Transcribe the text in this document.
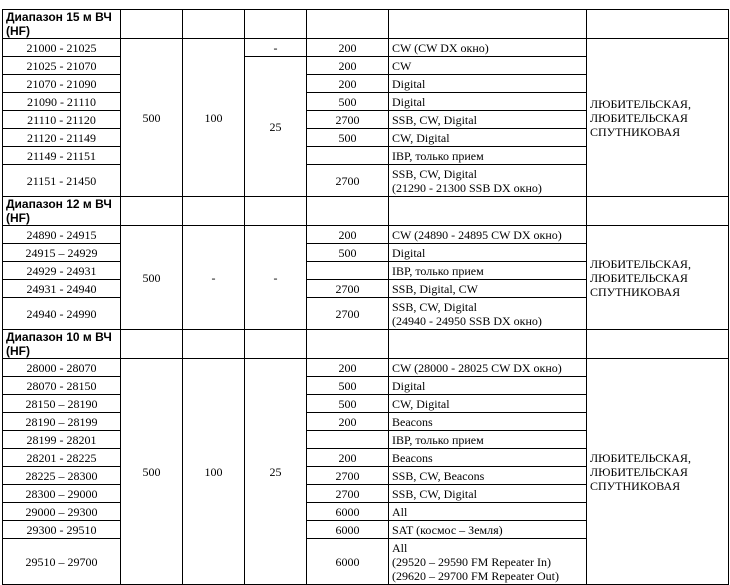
Диапазон 15 м ВЧ (HF)						
21000 - 21025	500	100	-	200	CW (CW DX окно)	ЛЮБИТЕЛЬСКАЯ,
ЛЮБИТЕЛЬСКАЯ
СПУТНИКОВАЯ

21025 - 21070			25	200	CW	

21070 - 21090				200	Digital	

21090 - 21110				500	Digital	

21110 - 21120				2700	SSB, CW, Digital	

21120 - 21149				500	CW, Digital	

21149 - 21151					IBP, только прием	

21151 - 21450				2700	SSB, CW, Digital
(21290 - 21300 SSB DX окно)	

Диапазон 12 м ВЧ (HF)						
24890 - 24915	500	-	-	200	CW (24890 - 24895 CW DX окно)	ЛЮБИТЕЛЬСКАЯ,
ЛЮБИТЕЛЬСКАЯ
СПУТНИКОВАЯ

24915 – 24929				500	Digital	

24929 - 24931					IBP, только прием	

24931 - 24940				2700	SSB, Digital, CW	

24940 - 24990				2700	SSB, CW, Digital
(24940 - 24950 SSB DX окно)	

Диапазон 10 м ВЧ (HF)						
28000 - 28070	500	100	25	200	CW (28000 - 28025 CW DX окно)	ЛЮБИТЕЛЬСКАЯ,
ЛЮБИТЕЛЬСКАЯ
СПУТНИКОВАЯ

28070 - 28150				500	Digital	

28150 – 28190				500	CW, Digital	

28190 – 28199				200	Beacons	

28199 - 28201					IBP, только прием	

28201 - 28225				200	Beacons	

28225 – 28300				2700	SSB, CW, Beacons	

28300 – 29000				2700	SSB, CW, Digital	

29000 – 29300				6000	All	

29300 - 29510				6000	SAT (космос – Земля)	

29510 – 29700				6000	All
(29520 – 29590 FM Repeater In)
(29620 – 29700 FM Repeater Out)	
